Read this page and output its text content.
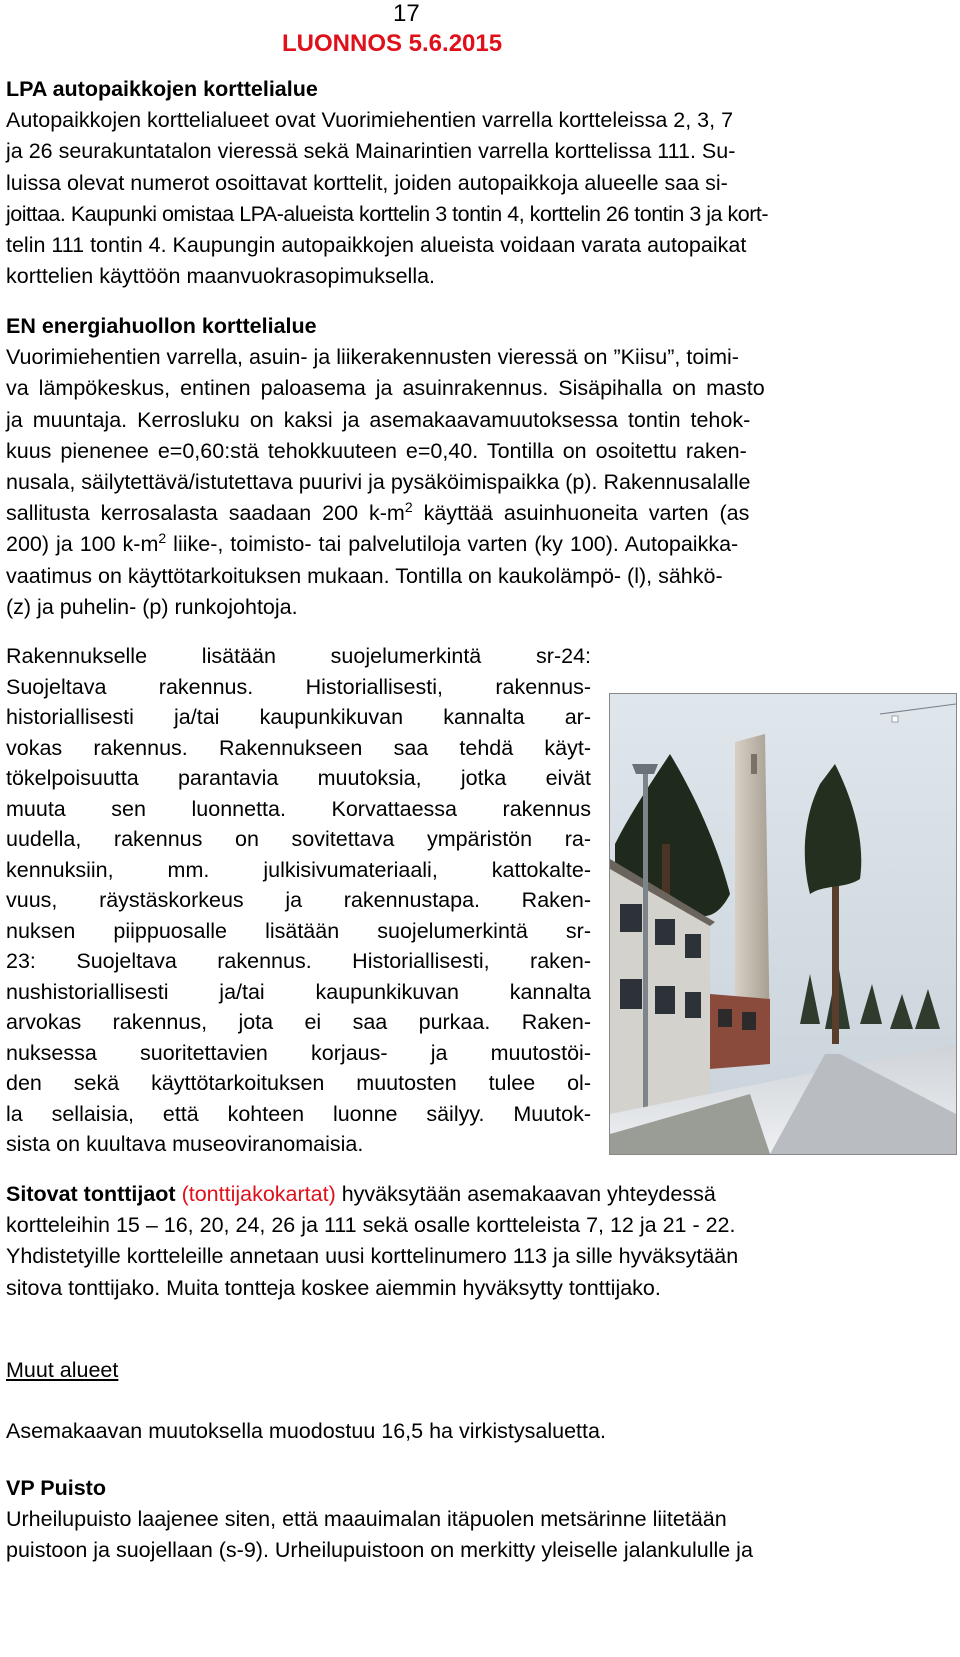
17
LUONNOS 5.6.2015

LPA autopaikkojen korttelialue

Autopaikkojen korttelialueet ovat Vuorimiehentien varrella kortteleissa 2, 3, 7

ja 26 seurakuntatalon vieressä sekä Mainarintien varrella korttelissa 111. Su-

luissa olevat numerot osoittavat korttelit, joiden autopaikkoja alueelle saa si-

joittaa. Kaupunki omistaa LPA-alueista korttelin 3 tontin 4, korttelin 26 tontin 3 ja kort-

telin 111 tontin 4. Kaupungin autopaikkojen alueista voidaan varata autopaikat

korttelien käyttöön maanvuokrasopimuksella.

EN energiahuollon korttelialue

Vuorimiehentien varrella, asuin- ja liikerakennusten vieressä on ”Kiisu”, toimi-

va lämpökeskus, entinen paloasema ja asuinrakennus. Sisäpihalla on masto

ja muuntaja. Kerrosluku on kaksi ja asemakaavamuutoksessa tontin tehok-

kuus pienenee e=0,60:stä tehokkuuteen e=0,40. Tontilla on osoitettu raken-

nusala, säilytettävä/istutettava puurivi ja pysäköimispaikka (p). Rakennusalalle

sallitusta kerrosalasta saadaan 200 $k-m^2$ käyttää asuinhuoneita varten (as

200) ja 100 $k-m^2$ liike-, toimisto- tai palvelutiloja varten (ky 100). Autopaikka-

vaatimus on käyttötarkoituksen mukaan. Tontilla on kaukolämpö- (l), sähkö-

(z) ja puhelin- (p) runkojohtoja.

Rakennukselle lisätään suojelumerkintä sr-24:

Suojeltava rakennus. Historiallisesti, rakennus-

historiallisesti ja/tai kaupunkikuvan kannalta ar-

vokas rakennus. Rakennukseen saa tehdä käyt-

tökelpoisuutta parantavia muutoksia, jotka eivät

muuta sen luonnetta. Korvattaessa rakennus

uudella, rakennus on sovitettava ympäristön ra-

kennuksiin, mm. julkisivumateriaali, kattokalte-

vuus, räystäskorkeus ja rakennustapa. Raken-

nuksen piippuosalle lisätään suojelumerkintä sr-

23: Suojeltava rakennus. Historiallisesti, raken-

nushistoriallisesti ja/tai kaupunkikuvan kannalta

arvokas rakennus, jota ei saa purkaa. Raken-

nuksessa suoritettavien korjaus- ja muutostöi-

den sekä käyttötarkoituksen muutosten tulee ol-

la sellaisia, että kohteen luonne säilyy. Muutok-

sista on kuultava museoviranomaisia.

Sitovat tonttijaot (tonttijakokartat) hyväksytään asemakaavan yhteydessä

kortteleihin 15 – 16, 20, 24, 26 ja 111 sekä osalle kortteleista 7, 12 ja 21 - 22.

Yhdistetyille kortteleille annetaan uusi korttelinumero 113 ja sille hyväksytään

sitova tonttijako. Muita tontteja koskee aiemmin hyväksytty tonttijako.

Muut alueet

Asemakaavan muutoksella muodostuu 16,5 ha virkistysaluetta.

VP Puisto

Urheilupuisto laajenee siten, että maauimalan itäpuolen metsärinne liitetään

puistoon ja suojellaan (s-9). Urheilupuistoon on merkitty yleiselle jalankululle ja
